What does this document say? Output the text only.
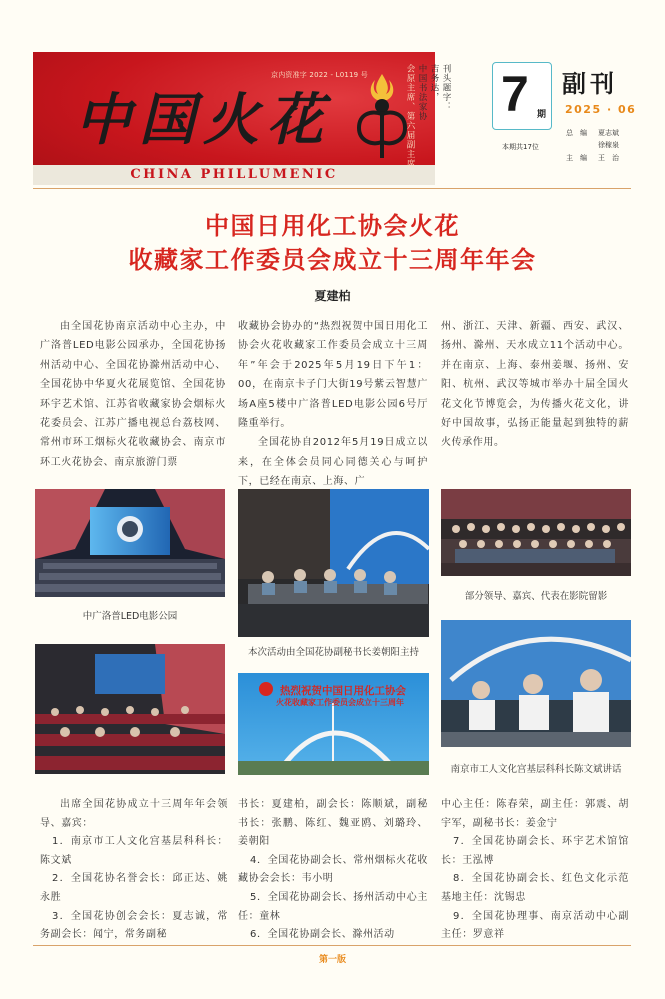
京内资准字 2022 - L0119 号
中国火花
CHINA PHILLUMENIC
刊头题字：
吉务达，
中国书法家协
会原主席、第六届副主席 7 期
副刊
2025 · 06
本期共17位
总　编 夏志斌
徐稼泉
主　编 王　治
中国日用化工协会火花
收藏家工作委员会成立十三周年年会
夏建柏

由全国花协南京活动中心主办，中广洛普LED电影公园承办，全国花协扬州活动中心、全国花协滁州活动中心、全国花协中华夏火花展览馆、全国花协环宇艺术馆、江苏省收藏家协会烟标火花委员会、江苏广播电视总台荔枝网、常州市环工烟标火花收藏协会、南京市环工火花协会、南京旅游门票

收藏协会协办的“热烈祝贺中国日用化工协会火花收藏家工作委员会成立十三周年”年会于2025年5月19日下午1：00，在南京卡子门大街19号紫云智慧广场A座5楼中广洛普LED电影公园6号厅隆重举行。

全国花协自2012年5月19日成立以来，在全体会员同心同德关心与呵护下，已经在南京、上海、广

州、浙江、天津、新疆、西安、武汉、扬州、滁州、天水成立11个活动中心。并在南京、上海、泰州姜堰、扬州、安阳、杭州、武汉等城市举办十届全国火花文化节博览会，为传播火花文化，讲好中国故事，弘扬正能量起到独特的薪火传承作用。

中广洛普LED电影公园
本次活动由全国花协副秘书长姜朝阳主持
部分领导、嘉宾、代表在影院留影
热烈祝贺中国日用化工协会
火花收藏家工作委员会成立十三周年
南京市工人文化宫基层科科长陈文斌讲话

出席全国花协成立十三周年年会领导、嘉宾：

1．南京市工人文化宫基层科科长：陈文斌

2．全国花协名誉会长：邱正达、姚永胜

3．全国花协创会会长：夏志诚，常务副会长：闻宁，常务副秘

书长：夏建柏，副会长：陈顺斌，副秘书长：张鹏、陈红、魏亚鸥、刘璐玲、姜朝阳

4．全国花协副会长、常州烟标火花收藏协会会长：韦小明

5．全国花协副会长、扬州活动中心主任：童林

6．全国花协副会长、滁州活动

中心主任：陈春荣，副主任：郭震、胡宇军，副秘书长：姜金宁

7．全国花协副会长、环宇艺术馆馆长：王泓博

8．全国花协副会长、红色文化示范基地主任：沈锡忠

9．全国花协理事、南京活动中心副主任：罗意祥

第一版
